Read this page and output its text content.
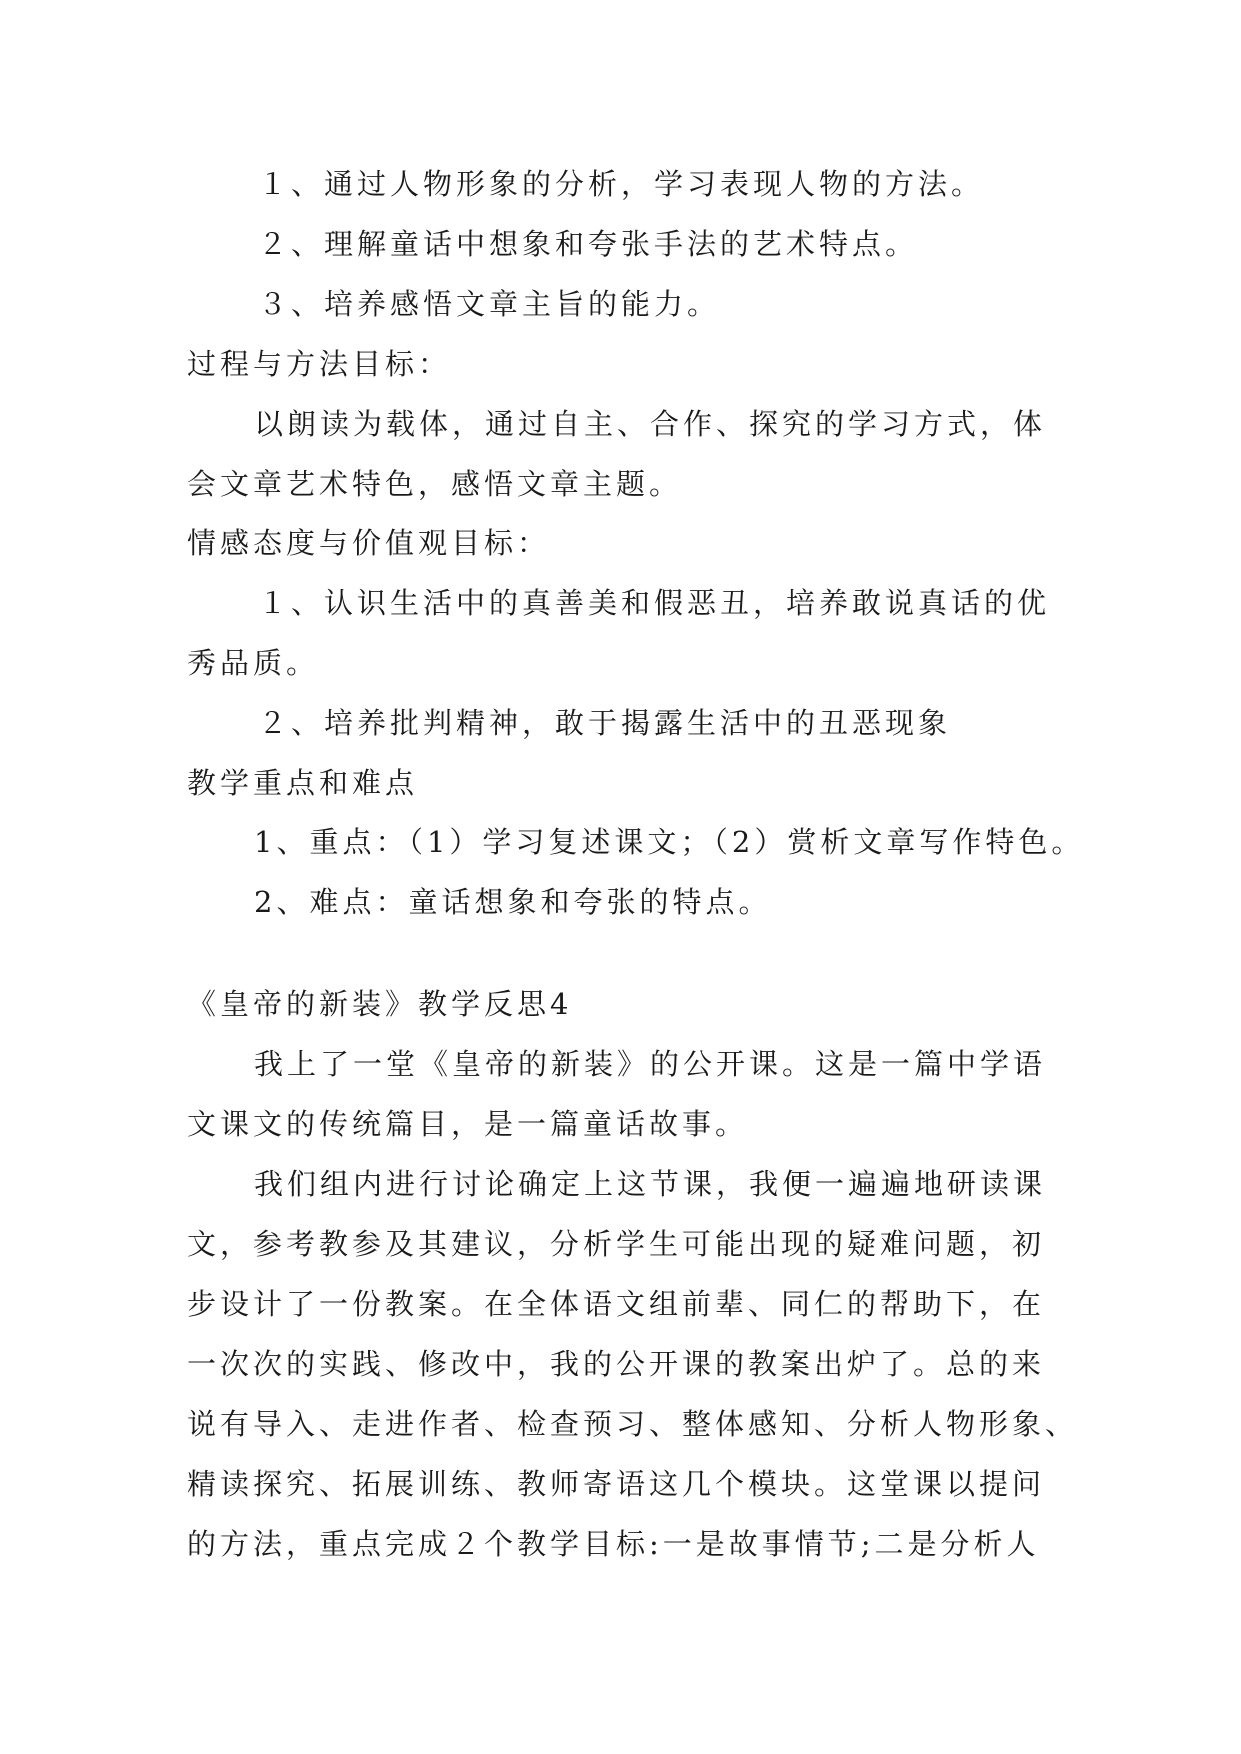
１、通过人物形象的分析，学习表现人物的方法。
２、理解童话中想象和夸张手法的艺术特点。
３、培养感悟文章主旨的能力。
过程与方法目标：
以朗读为载体，通过自主、合作、探究的学习方式，体
会文章艺术特色，感悟文章主题。
情感态度与价值观目标：
１、认识生活中的真善美和假恶丑，培养敢说真话的优
秀品质。
２、培养批判精神，敢于揭露生活中的丑恶现象
教学重点和难点
1、重点：（1）学习复述课文；（2）赏析文章写作特色。
2、难点：童话想象和夸张的特点。
《皇帝的新装》教学反思4
我上了一堂《皇帝的新装》的公开课。这是一篇中学语
文课文的传统篇目，是一篇童话故事。
我们组内进行讨论确定上这节课，我便一遍遍地研读课
文，参考教参及其建议，分析学生可能出现的疑难问题，初
步设计了一份教案。在全体语文组前辈、同仁的帮助下，在
一次次的实践、修改中，我的公开课的教案出炉了。总的来
说有导入、走进作者、检查预习、整体感知、分析人物形象、
精读探究、拓展训练、教师寄语这几个模块。这堂课以提问
的方法，重点完成２个教学目标:一是故事情节;二是分析人
